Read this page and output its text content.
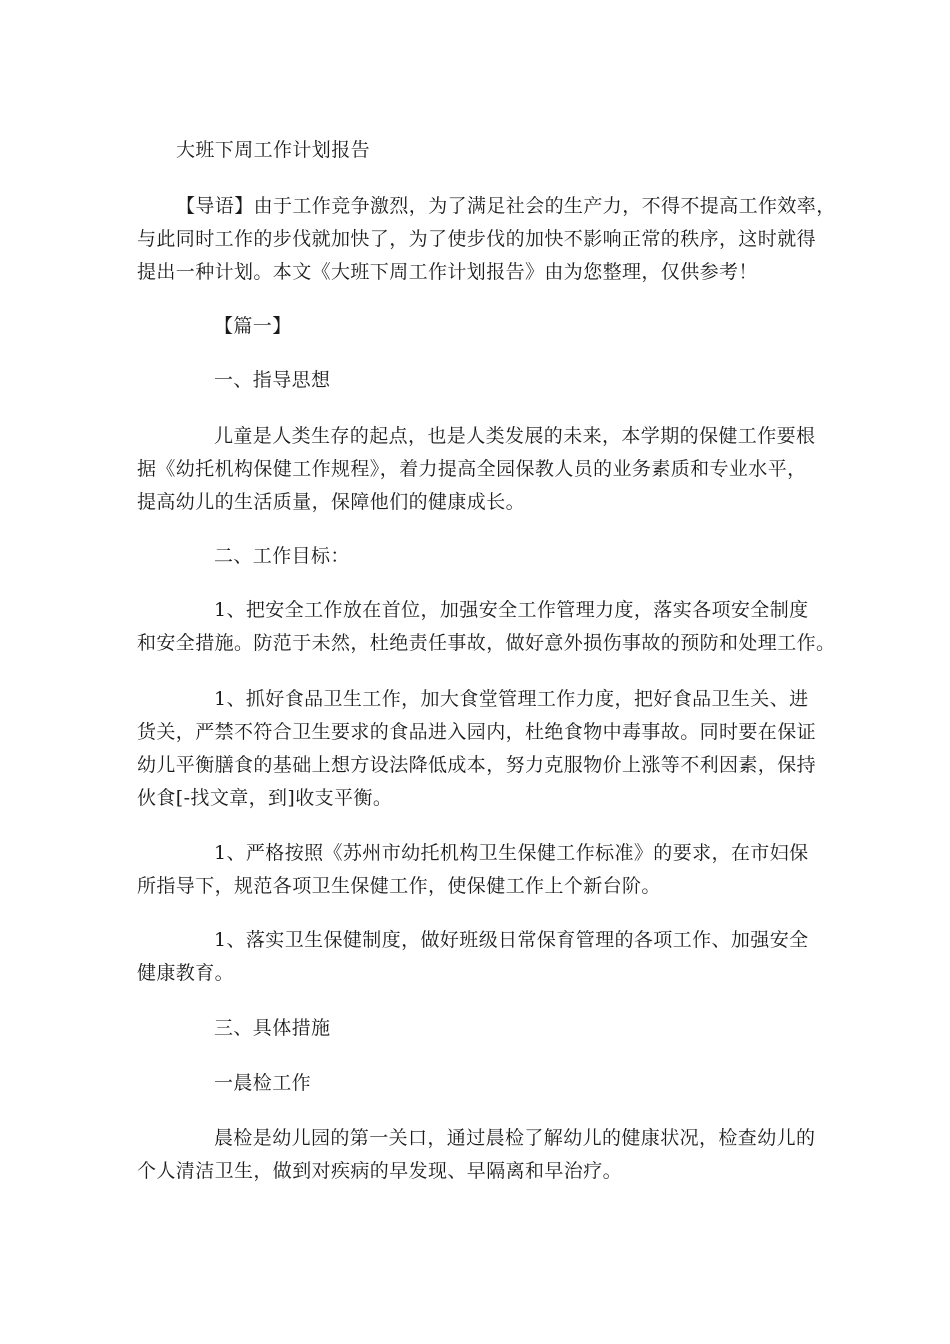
大班下周工作计划报告
【导语】由于工作竞争激烈，为了满足社会的生产力，不得不提高工作效率，
与此同时工作的步伐就加快了，为了使步伐的加快不影响正常的秩序，这时就得
提出一种计划。本文《大班下周工作计划报告》由为您整理，仅供参考！
【篇一】
一、指导思想
儿童是人类生存的起点，也是人类发展的未来，本学期的保健工作要根
据《幼托机构保健工作规程》，着力提高全园保教人员的业务素质和专业水平，
提高幼儿的生活质量，保障他们的健康成长。
二、工作目标：
1、把安全工作放在首位，加强安全工作管理力度，落实各项安全制度
和安全措施。防范于未然，杜绝责任事故，做好意外损伤事故的预防和处理工作。
1、抓好食品卫生工作，加大食堂管理工作力度，把好食品卫生关、进
货关，严禁不符合卫生要求的食品进入园内，杜绝食物中毒事故。同时要在保证
幼儿平衡膳食的基础上想方设法降低成本，努力克服物价上涨等不利因素，保持
伙食[-找文章，到]收支平衡。
1、严格按照《苏州市幼托机构卫生保健工作标准》的要求，在市妇保
所指导下，规范各项卫生保健工作，使保健工作上个新台阶。
1、落实卫生保健制度，做好班级日常保育管理的各项工作、加强安全
健康教育。
三、具体措施
一晨检工作
晨检是幼儿园的第一关口，通过晨检了解幼儿的健康状况，检查幼儿的
个人清洁卫生，做到对疾病的早发现、早隔离和早治疗。
